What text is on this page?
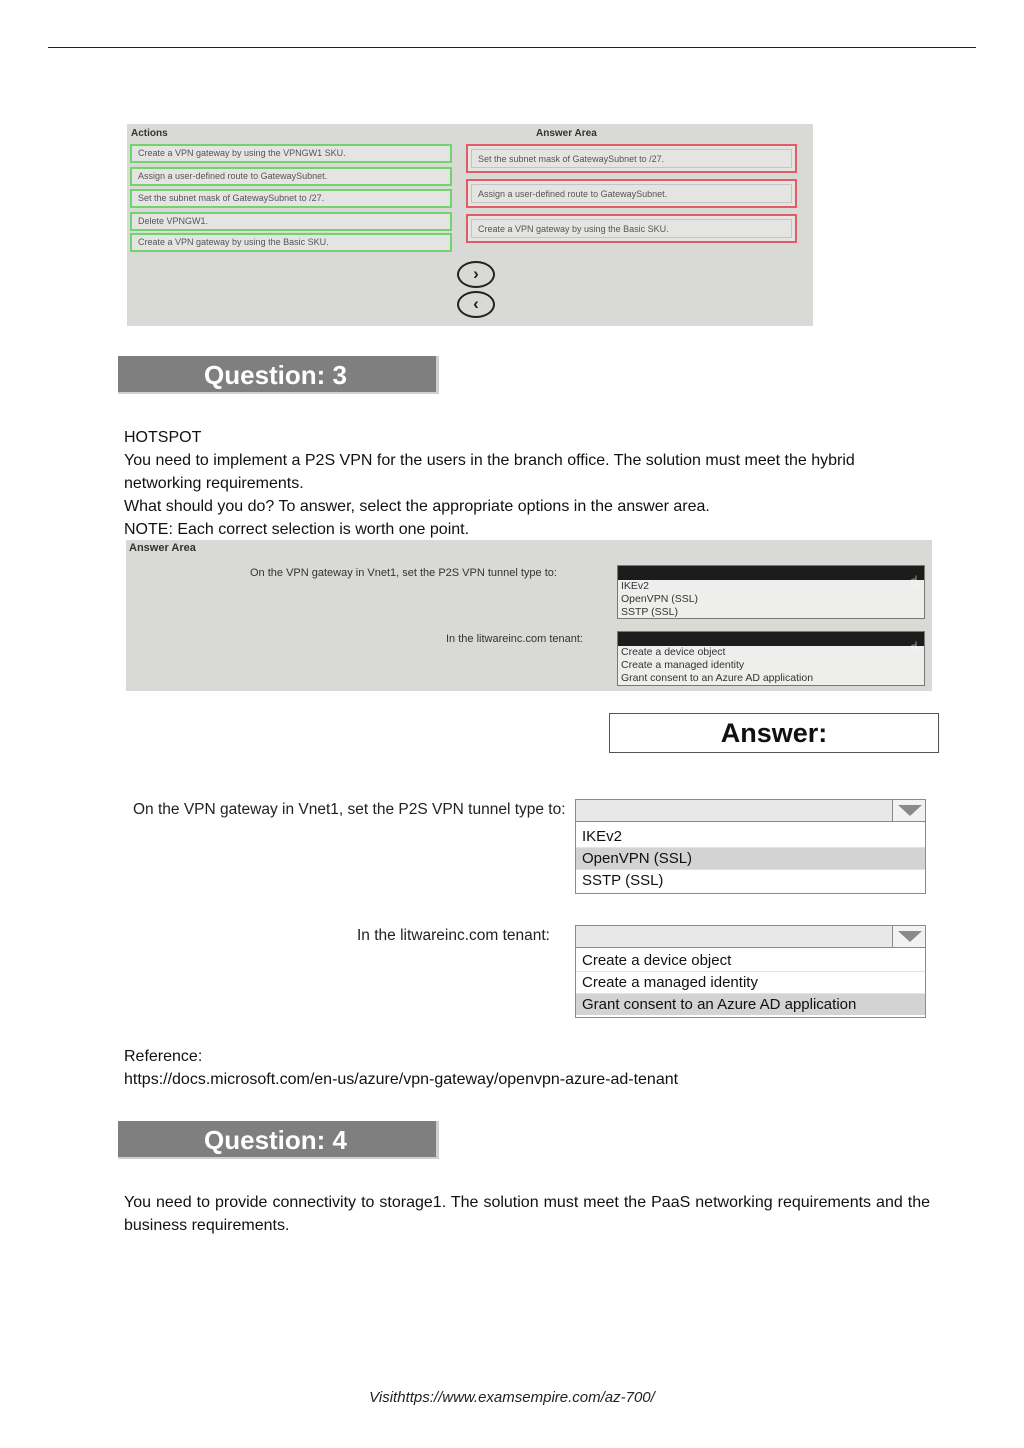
Actions	Answer Area
Create a VPN gateway by using the VPNGW1 SKU.
Assign a user-defined route to GatewaySubnet.
Set the subnet mask of GatewaySubnet to /27.
Delete VPNGW1.
Create a VPN gateway by using the Basic SKU.
Set the subnet mask of GatewaySubnet to /27.
Assign a user-defined route to GatewaySubnet.
Create a VPN gateway by using the Basic SKU.
›
‹
Question: 3
HOTSPOT
You need to implement a P2S VPN for the users in the branch office. The solution must meet the hybrid networking requirements.
What should you do? To answer, select the appropriate options in the answer area.
NOTE: Each correct selection is worth one point.
Answer Area
On the VPN gateway in Vnet1, set the P2S VPN tunnel type to:	☝
IKEv2
OpenVPN (SSL)
SSTP (SSL)
In the litwareinc.com tenant:	☝
Create a device object
Create a managed identity
Grant consent to an Azure AD application
Answer:
On the VPN gateway in Vnet1, set the P2S VPN tunnel type to:
IKEv2
OpenVPN (SSL)
SSTP (SSL)
In the litwareinc.com tenant:
Create a device object
Create a managed identity
Grant consent to an Azure AD application
Reference:
https://docs.microsoft.com/en-us/azure/vpn-gateway/openvpn-azure-ad-tenant
Question: 4
You need to provide connectivity to storage1. The solution must meet the PaaS networking requirements and the business requirements.
Visithttps://www.examsempire.com/az-700/
